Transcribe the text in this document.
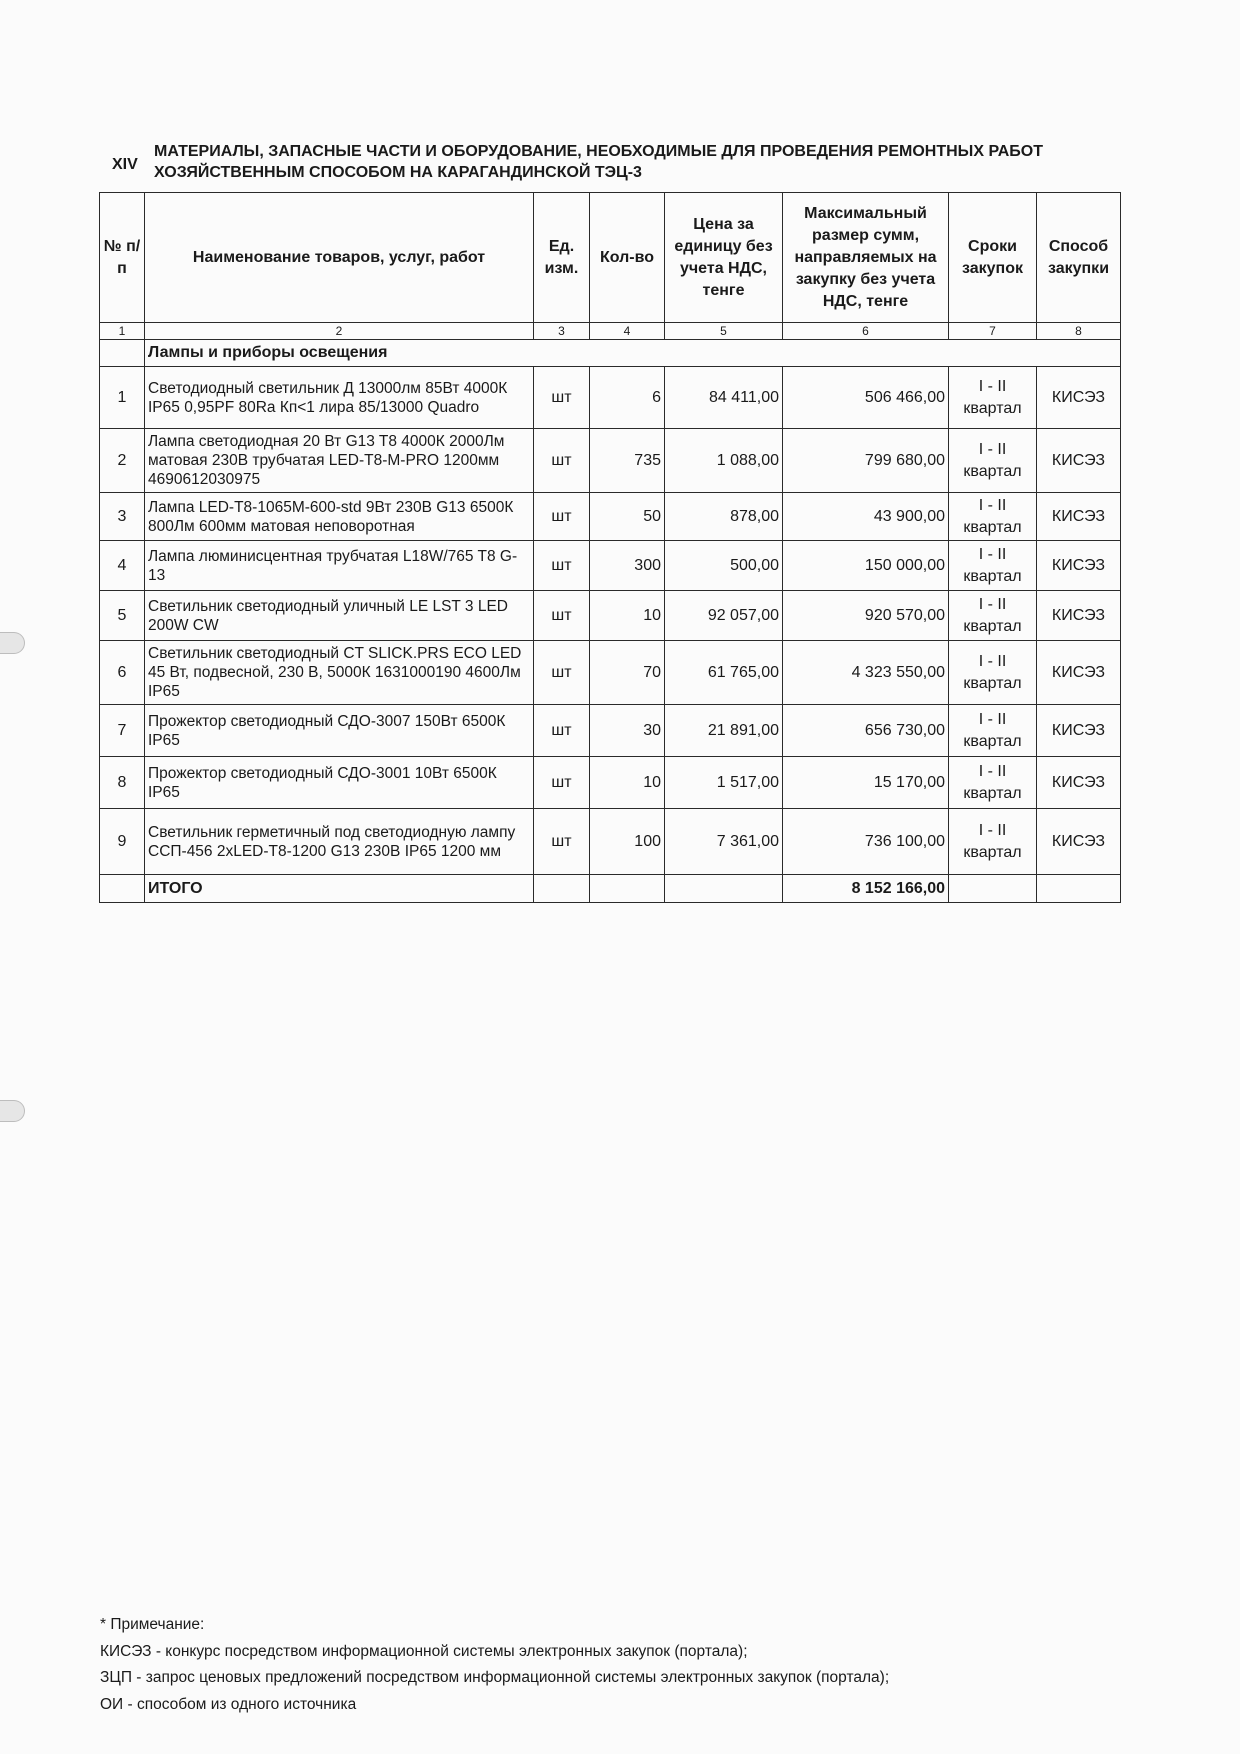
XIV
МАТЕРИАЛЫ, ЗАПАСНЫЕ ЧАСТИ И ОБОРУДОВАНИЕ, НЕОБХОДИМЫЕ ДЛЯ ПРОВЕДЕНИЯ РЕМОНТНЫХ РАБОТ ХОЗЯЙСТВЕННЫМ СПОСОБОМ НА КАРАГАНДИНСКОЙ ТЭЦ-3
№ п/п	Наименование товаров, услуг, работ	Ед. изм.	Кол-во	Цена за единицу без учета НДС, тенге	Максимальный размер сумм, направляемых на закупку без учета НДС, тенге	Сроки закупок	Способ закупки
1	2	3	4	5	6	7	8
	Лампы и приборы освещения						
1	Светодиодный светильник Д 13000лм 85Вт 4000К IP65 0,95PF 80Ra Кп<1 лира 85/13000 Quadro	шт	6	84 411,00	506 466,00	I - II квартал	КИСЭЗ
2	Лампа светодиодная 20 Вт G13 T8 4000К 2000Лм матовая 230В трубчатая LED-T8-M-PRO 1200мм 4690612030975	шт	735	1 088,00	799 680,00	I - II квартал	КИСЭЗ
3	Лампа LED-T8-1065M-600-std 9Вт 230В G13 6500К 800Лм 600мм матовая неповоротная	шт	50	878,00	43 900,00	I - II квартал	КИСЭЗ
4	Лампа люминисцентная трубчатая L18W/765 T8 G-13	шт	300	500,00	150 000,00	I - II квартал	КИСЭЗ
5	Светильник светодиодный уличный LE LST 3 LED 200W CW	шт	10	92 057,00	920 570,00	I - II квартал	КИСЭЗ
6	Светильник светодиодный CT SLICK.PRS ECO LED 45 Вт, подвесной, 230 В, 5000К 1631000190 4600Лм IP65	шт	70	61 765,00	4 323 550,00	I - II квартал	КИСЭЗ
7	Прожектор светодиодный СДО-3007 150Вт 6500К IP65	шт	30	21 891,00	656 730,00	I - II квартал	КИСЭЗ
8	Прожектор светодиодный СДО-3001 10Вт 6500К IP65	шт	10	1 517,00	15 170,00	I - II квартал	КИСЭЗ
9	Светильник герметичный под светодиодную лампу ССП-456 2xLED-T8-1200 G13 230В IP65 1200 мм	шт	100	7 361,00	736 100,00	I - II квартал	КИСЭЗ
	ИТОГО				8 152 166,00		
* Примечание:
КИСЭЗ - конкурс посредством информационной системы электронных закупок (портала);
ЗЦП - запрос ценовых предложений посредством информационной системы электронных закупок (портала);
ОИ - способом из одного источника
